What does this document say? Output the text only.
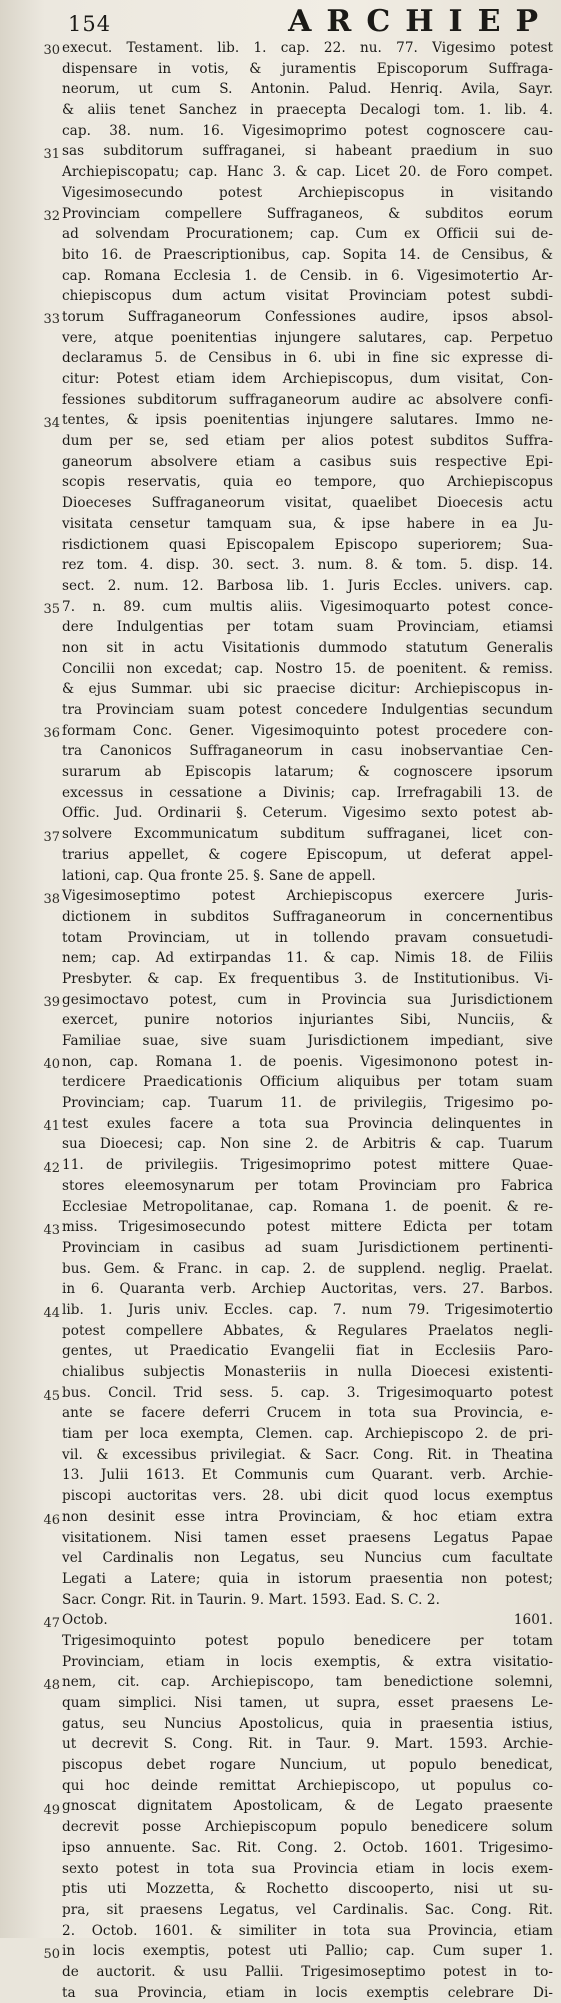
154	ARCHIEP
30
31
32
33
34
35
36
37
38
39
40
41
42
43
44
45
46
47
48
49
50
execut. Testament. lib. 1. cap. 22. nu. 77. Vigesimo potest
dispensare in votis, & juramentis Episcoporum Suffraga-
neorum, ut cum S. Antonin. Palud. Henriq. Avila, Sayr.
& aliis tenet Sanchez in praecepta Decalogi tom. 1. lib. 4.
cap. 38. num. 16. Vigesimoprimo potest cognoscere cau-
sas subditorum suffraganei, si habeant praedium in suo
Archiepiscopatu; cap. Hanc 3. & cap. Licet 20. de Foro compet.
Vigesimosecundo potest Archiepiscopus in visitando
Provinciam compellere Suffraganeos, & subditos eorum
ad solvendam Procurationem; cap. Cum ex Officii sui de-
bito 16. de Praescriptionibus, cap. Sopita 14. de Censibus, &
cap. Romana Ecclesia 1. de Censib. in 6. Vigesimotertio Ar-
chiepiscopus dum actum visitat Provinciam potest subdi-
torum Suffraganeorum Confessiones audire, ipsos absol-
vere, atque poenitentias injungere salutares, cap. Perpetuo
declaramus 5. de Censibus in 6. ubi in fine sic expresse di-
citur: Potest etiam idem Archiepiscopus, dum visitat, Con-
fessiones subditorum suffraganeorum audire ac absolvere confi-
tentes, & ipsis poenitentias injungere salutares. Immo ne-
dum per se, sed etiam per alios potest subditos Suffra-
ganeorum absolvere etiam a casibus suis respective Epi-
scopis reservatis, quia eo tempore, quo Archiepiscopus
Dioeceses Suffraganeorum visitat, quaelibet Dioecesis actu
visitata censetur tamquam sua, & ipse habere in ea Ju-
risdictionem quasi Episcopalem Episcopo superiorem; Sua-
rez tom. 4. disp. 30. sect. 3. num. 8. & tom. 5. disp. 14.
sect. 2. num. 12. Barbosa lib. 1. Juris Eccles. univers. cap.
7. n. 89. cum multis aliis. Vigesimoquarto potest conce-
dere Indulgentias per totam suam Provinciam, etiamsi
non sit in actu Visitationis dummodo statutum Generalis
Concilii non excedat; cap. Nostro 15. de poenitent. & remiss.
& ejus Summar. ubi sic praecise dicitur: Archiepiscopus in-
tra Provinciam suam potest concedere Indulgentias secundum
formam Conc. Gener. Vigesimoquinto potest procedere con-
tra Canonicos Suffraganeorum in casu inobservantiae Cen-
surarum ab Episcopis latarum; & cognoscere ipsorum
excessus in cessatione a Divinis; cap. Irrefragabili 13. de
Offic. Jud. Ordinarii §. Ceterum. Vigesimo sexto potest ab-
solvere Excommunicatum subditum suffraganei, licet con-
trarius appellet, & cogere Episcopum, ut deferat appel-
lationi, cap. Qua fronte 25. §. Sane de appell.
Vigesimoseptimo potest Archiepiscopus exercere Juris-
dictionem in subditos Suffraganeorum in concernentibus
totam Provinciam, ut in tollendo pravam consuetudi-
nem; cap. Ad extirpandas 11. & cap. Nimis 18. de Filiis
Presbyter. & cap. Ex frequentibus 3. de Institutionibus. Vi-
gesimoctavo potest, cum in Provincia sua Jurisdictionem
exercet, punire notorios injuriantes Sibi, Nunciis, &
Familiae suae, sive suam Jurisdictionem impediant, sive
non, cap. Romana 1. de poenis. Vigesimonono potest in-
terdicere Praedicationis Officium aliquibus per totam suam
Provinciam; cap. Tuarum 11. de privilegiis, Trigesimo po-
test exules facere a tota sua Provincia delinquentes in
sua Dioecesi; cap. Non sine 2. de Arbitris & cap. Tuarum
11. de privilegiis. Trigesimoprimo potest mittere Quae-
stores eleemosynarum per totam Provinciam pro Fabrica
Ecclesiae Metropolitanae, cap. Romana 1. de poenit. & re-
miss. Trigesimosecundo potest mittere Edicta per totam
Provinciam in casibus ad suam Jurisdictionem pertinenti-
bus. Gem. & Franc. in cap. 2. de supplend. neglig. Praelat.
in 6. Quaranta verb. Archiep Auctoritas, vers. 27. Barbos.
lib. 1. Juris univ. Eccles. cap. 7. num 79. Trigesimotertio
potest compellere Abbates, & Regulares Praelatos negli-
gentes, ut Praedicatio Evangelii fiat in Ecclesiis Paro-
chialibus subjectis Monasteriis in nulla Dioecesi existenti-
bus. Concil. Trid sess. 5. cap. 3. Trigesimoquarto potest
ante se facere deferri Crucem in tota sua Provincia, e-
tiam per loca exempta, Clemen. cap. Archiepiscopo 2. de pri-
vil. & excessibus privilegiat. & Sacr. Cong. Rit. in Theatina
13. Julii 1613. Et Communis cum Quarant. verb. Archie-
piscopi auctoritas vers. 28. ubi dicit quod locus exemptus
non desinit esse intra Provinciam, & hoc etiam extra
visitationem. Nisi tamen esset praesens Legatus Papae
vel Cardinalis non Legatus, seu Nuncius cum facultate
Legati a Latere; quia in istorum praesentia non potest;
Sacr. Congr. Rit. in Taurin. 9. Mart. 1593. Ead. S. C. 2.
Octob. 1601.
Trigesimoquinto potest populo benedicere per totam
Provinciam, etiam in locis exemptis, & extra visitatio-
nem, cit. cap. Archiepiscopo, tam benedictione solemni,
quam simplici. Nisi tamen, ut supra, esset praesens Le-
gatus, seu Nuncius Apostolicus, quia in praesentia istius,
ut decrevit S. Cong. Rit. in Taur. 9. Mart. 1593. Archie-
piscopus debet rogare Nuncium, ut populo benedicat,
qui hoc deinde remittat Archiepiscopo, ut populus co-
gnoscat dignitatem Apostolicam, & de Legato praesente
decrevit posse Archiepiscopum populo benedicere solum
ipso annuente. Sac. Rit. Cong. 2. Octob. 1601. Trigesimo-
sexto potest in tota sua Provincia etiam in locis exem-
ptis uti Mozzetta, & Rochetto discooperto, nisi ut su-
pra, sit praesens Legatus, vel Cardinalis. Sac. Cong. Rit.
2. Octob. 1601. & similiter in tota sua Provincia, etiam
in locis exemptis, potest uti Pallio; cap. Cum super 1.
de auctorit. & usu Pallii. Trigesimoseptimo potest in to-
ta sua Provincia, etiam in locis exemptis celebrare Di-
